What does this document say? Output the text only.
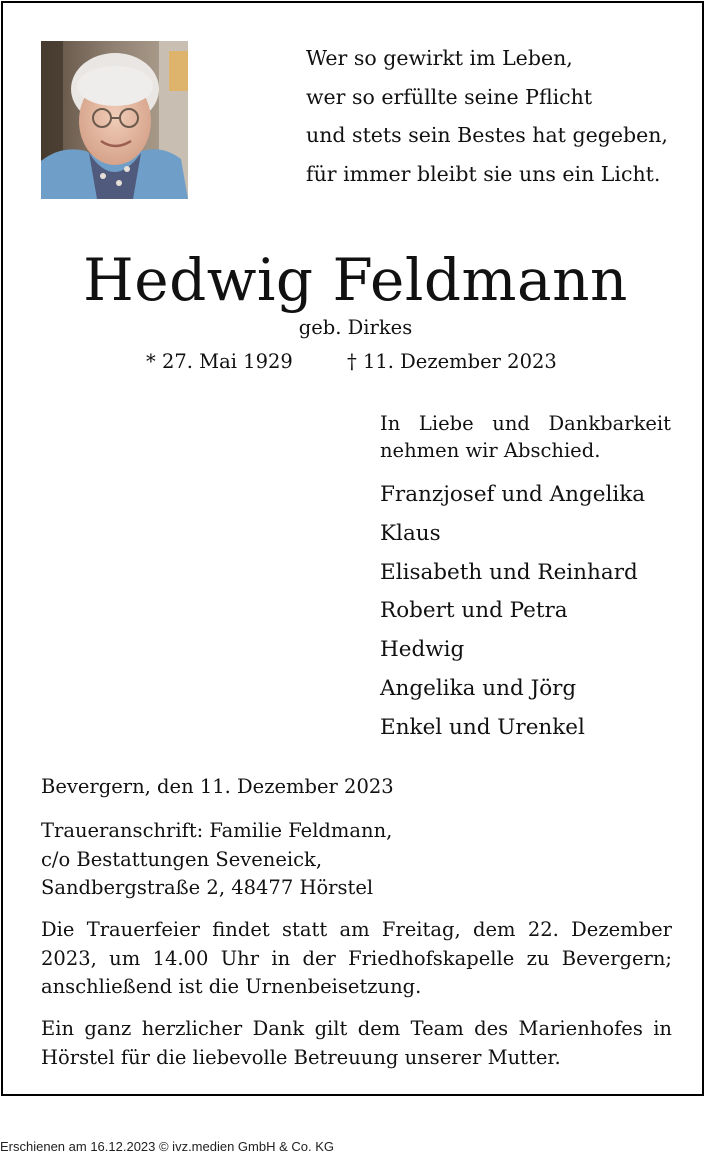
Wer so gewirkt im Leben,
wer so erfüllte seine Pflicht
und stets sein Bestes hat gegeben,
für immer bleibt sie uns ein Licht.
Hedwig Feldmann
geb. Dirkes
* 27. Mai 1929	† 11. Dezember 2023
In Liebe und Dankbarkeit
nehmen wir Abschied.
Franzjosef und Angelika
Klaus
Elisabeth und Reinhard
Robert und Petra
Hedwig
Angelika und Jörg
Enkel und Urenkel
Bevergern, den 11. Dezember 2023
Traueranschrift: Familie Feldmann,
c/o Bestattungen Seveneick,
Sandbergstraße 2, 48477 Hörstel
Die Trauerfeier findet statt am Freitag, dem 22. Dezember
2023, um 14.00 Uhr in der Friedhofskapelle zu Bevergern;
anschließend ist die Urnenbeisetzung.
Ein ganz herzlicher Dank gilt dem Team des Marienhofes in
Hörstel für die liebevolle Betreuung unserer Mutter.
Erschienen am 16.12.2023 © ivz.medien GmbH & Co. KG
